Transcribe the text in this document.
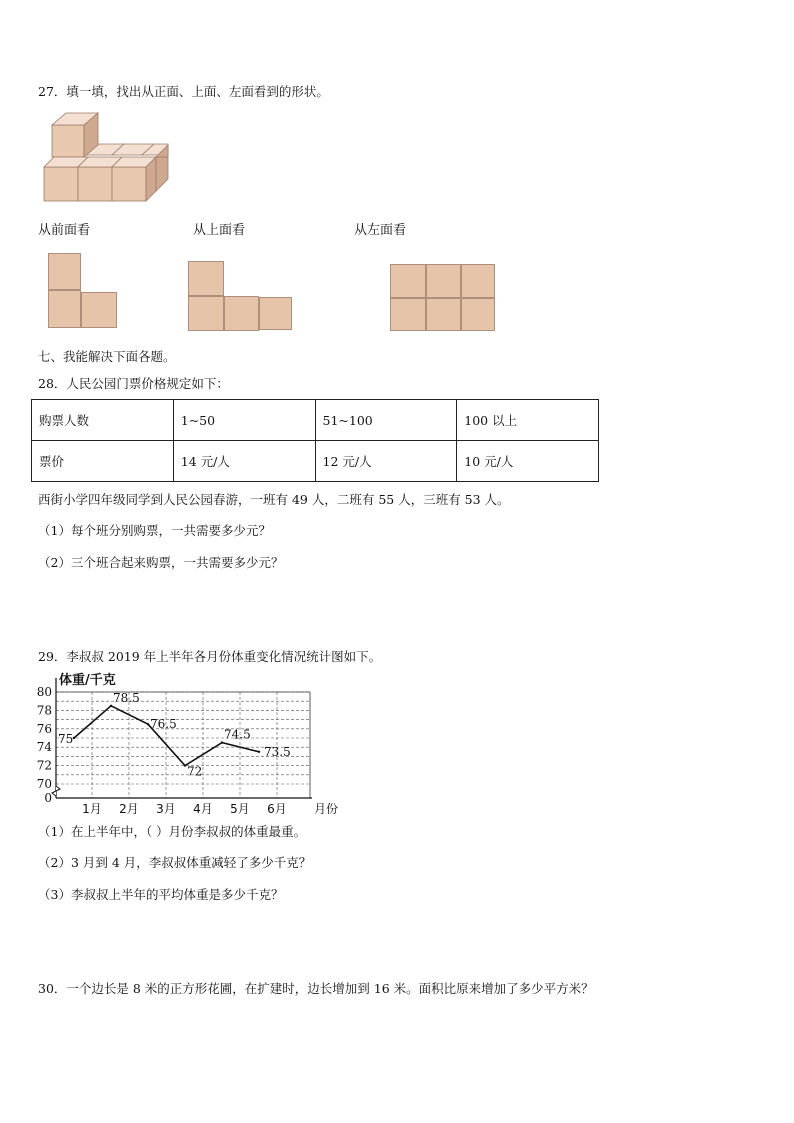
27．填一填，找出从正面、上面、左面看到的形状。
从前面看	从上面看	从左面看
七、我能解决下面各题。
28．人民公园门票价格规定如下：
购票人数	1~50	51~100	100 以上
票价	14 元/人	12 元/人	10 元/人
西街小学四年级同学到人民公园春游，一班有 49 人，二班有 55 人，三班有 53 人。
（1）每个班分别购票，一共需要多少元？
（2）三个班合起来购票，一共需要多少元？
29．李叔叔 2019 年上半年各月份体重变化情况统计图如下。
0
70
72
74
76
78
80
体重/千克
1月 2月 3月 4月 5月 6月 月份
75
78.5
76.5
72
74.5
73.5
（1）在上半年中，（ ）月份李叔叔的体重最重。
（2）3 月到 4 月，李叔叔体重减轻了多少千克？
（3）李叔叔上半年的平均体重是多少千克？
30．一个边长是 8 米的正方形花圃，在扩建时，边长增加到 16 米。面积比原来增加了多少平方米？
